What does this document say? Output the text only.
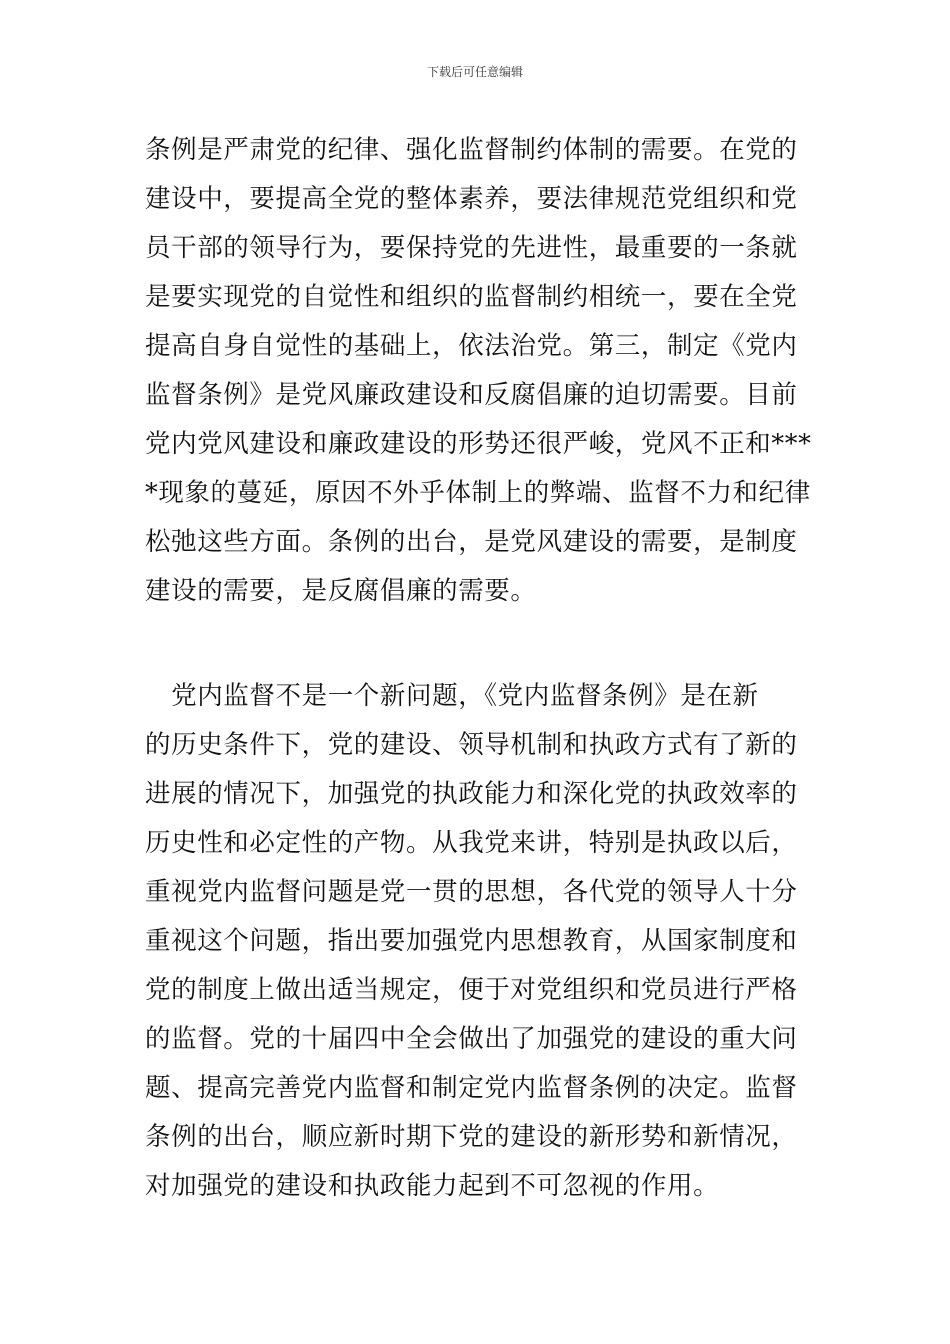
下载后可任意编辑
条例是严肃党的纪律、强化监督制约体制的需要。在党的
建设中，要提高全党的整体素养，要法律规范党组织和党
员干部的领导行为，要保持党的先进性，最重要的一条就
是要实现党的自觉性和组织的监督制约相统一，要在全党
提高自身自觉性的基础上，依法治党。第三，制定《党内
监督条例》是党风廉政建设和反腐倡廉的迫切需要。目前
党内党风建设和廉政建设的形势还很严峻，党风不正和***
*现象的蔓延，原因不外乎体制上的弊端、监督不力和纪律
松弛这些方面。条例的出台，是党风建设的需要，是制度
建设的需要，是反腐倡廉的需要。
　党内监督不是一个新问题，《党内监督条例》是在新
的历史条件下，党的建设、领导机制和执政方式有了新的
进展的情况下，加强党的执政能力和深化党的执政效率的
历史性和必定性的产物。从我党来讲，特别是执政以后，
重视党内监督问题是党一贯的思想，各代党的领导人十分
重视这个问题，指出要加强党内思想教育，从国家制度和
党的制度上做出适当规定，便于对党组织和党员进行严格
的监督。党的十届四中全会做出了加强党的建设的重大问
题、提高完善党内监督和制定党内监督条例的决定。监督
条例的出台，顺应新时期下党的建设的新形势和新情况，
对加强党的建设和执政能力起到不可忽视的作用。
